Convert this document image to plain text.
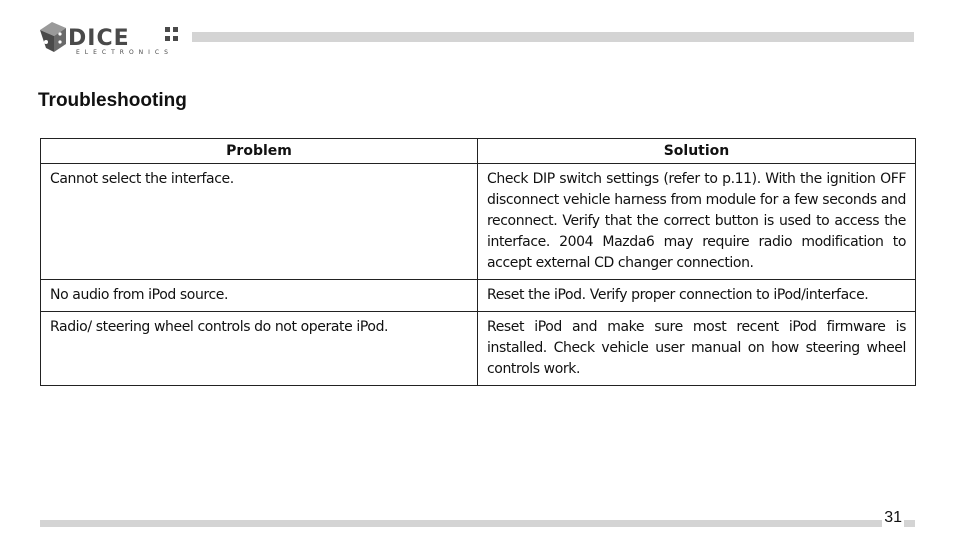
DICE
ELECTRONICS
Troubleshooting
Problem	Solution
Cannot select the interface.	Check DIP switch settings (refer to p.11). With the ignition OFF disconnect vehicle harness from module for a few seconds and reconnect. Verify that the correct button is used to access the interface. 2004 Mazda6 may require radio modification to accept external CD changer connection.
No audio from iPod source.	Reset the iPod. Verify proper connection to iPod/interface.
Radio/ steering wheel controls do not operate iPod.	Reset iPod and make sure most recent iPod firmware is installed. Check vehicle user manual on how steering wheel controls work.
31
